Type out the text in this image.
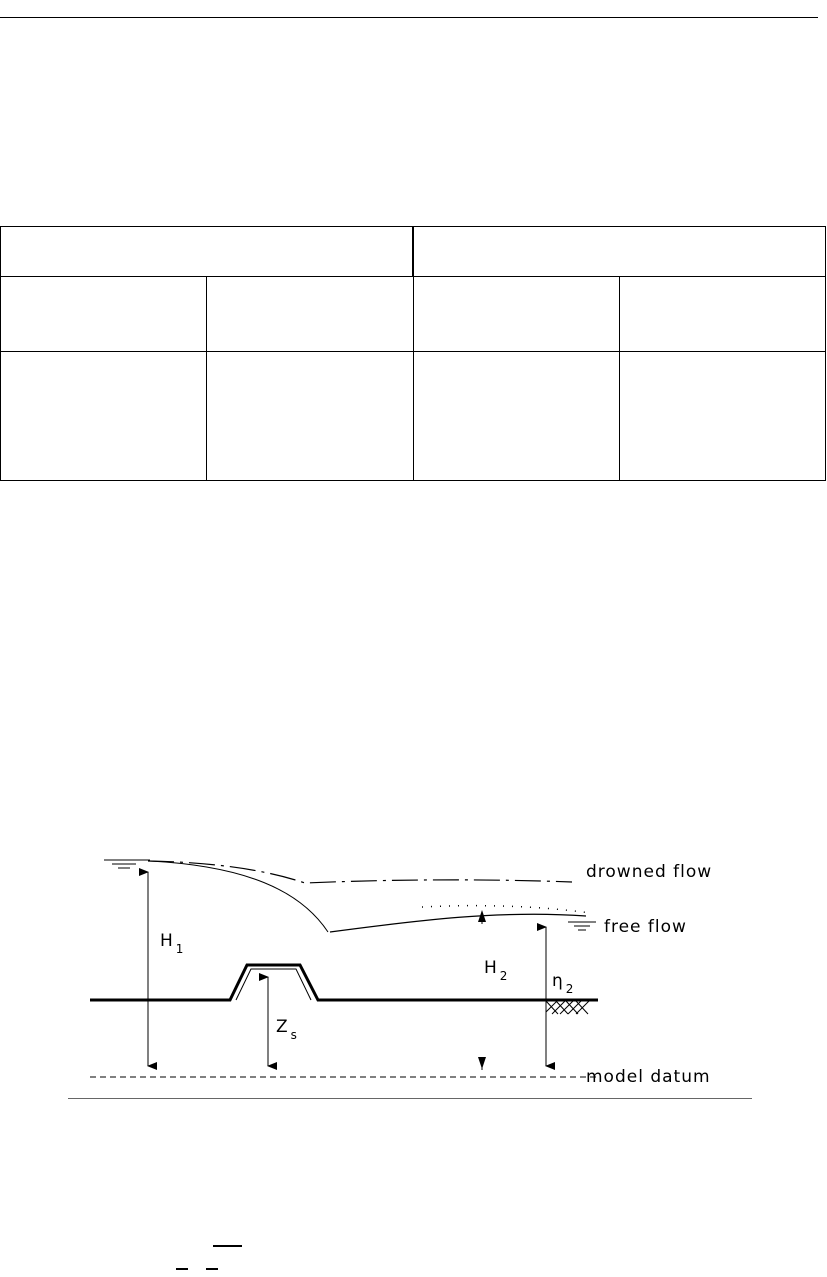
drowned flow
free flow
model datum
H $_1$
H $_2$	η $_2$
Z $_s$
